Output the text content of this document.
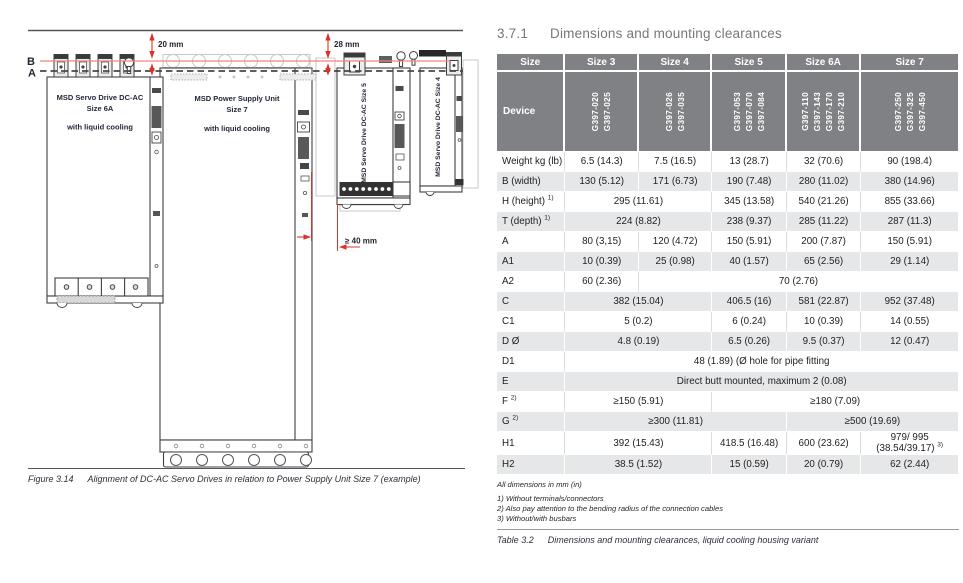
MSD Power Supply Unit
Size 7
with liquid cooling
MSD Servo Drive DC-AC
Size 6A
with liquid cooling	MSD Servo Drive DC-AC Size 5	MSD Servo Drive DC-AC Size 4
B
A
20 mm	28 mm
≥ 40 mm
Figure 3.14 Alignment of DC-AC Servo Drives in relation to Power Supply Unit Size 7 (example)
3.7.1 Dimensions and mounting clearances
Size	Size 3	Size 4	Size 5	Size 6A	Size 7
Device	G397-020 G397-025	G397-026 G397-035	G397-053 G397-070 G397-084	G397-110 G397-143 G397-170 G397-210	G397-250 G397-325 G397-450

Weight kg (lb)	6.5 (14.3)	7.5 (16.5)	13 (28.7)	32 (70.6)	90 (198.4)
B (width)	130 (5.12)	171 (6.73)	190 (7.48)	280 (11.02)	380 (14.96)
H (height) $^{1)}$	295 (11.61)		345 (13.58)	540 (21.26)	855 (33.66)
T (depth) $^{1)}$	224 (8.82)		238 (9.37)	285 (11.22)	287 (11.3)
A	80 (3,15)	120 (4.72)	150 (5.91)	200 (7.87)	150 (5.91)
A1	10 (0.39)	25 (0.98)	40 (1.57)	65 (2.56)	29 (1.14)
A2	60 (2.36)	70 (2.76)			
C	382 (15.04)		406.5 (16)	581 (22.87)	952 (37.48)
C1	5 (0.2)		6 (0.24)	10 (0.39)	14 (0.55)
D Ø	4.8 (0.19)		6.5 (0.26)	9.5 (0.37)	12 (0.47)
D1	48 (1.89) (Ø hole for pipe fitting				
E	Direct butt mounted, maximum 2 (0.08)				
F $^{2)}$	≥150 (5.91)		≥180 (7.09)		
G $^{2)}$	≥300 (11.81)			≥500 (19.69)	
H1	392 (15.43)		418.5 (16.48)	600 (23.62)	979/ 995
(38.54/39.17) $^{3)}$
H2	38.5 (1.52)		15 (0.59)	20 (0.79)	62 (2.44)
All dimensions in mm (in)
1) Without terminals/connectors
2) Also pay attention to the bending radius of the connection cables
3) Without/with busbars
Table 3.2 Dimensions and mounting clearances, liquid cooling housing variant
